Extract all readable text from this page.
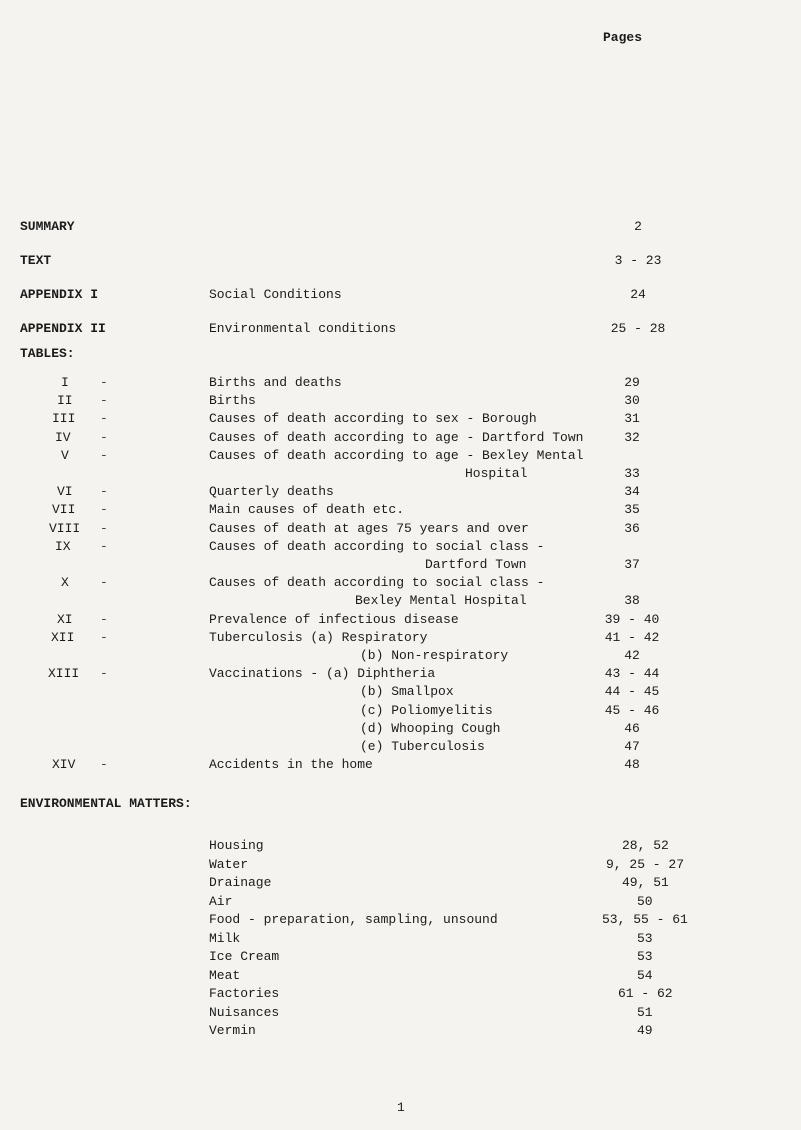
Pages
SUMMARY	2
TEXT	3 - 23
APPENDIX I	Social Conditions	24
APPENDIX II	Environmental conditions	25 - 28
TABLES:
I -	Births and deaths	29
II -	Births	30
III -	Causes of death according to sex - Borough	31
IV -	Causes of death according to age - Dartford Town	32
V -	Causes of death according to age - Bexley Mental
Hospital	33
VI -	Quarterly deaths	34
VII -	Main causes of death etc.	35
VIII -	Causes of death at ages 75 years and over	36
IX -	Causes of death according to social class -
Dartford Town	37
X -	Causes of death according to social class -
Bexley Mental Hospital	38
XI -	Prevalence of infectious disease	39 - 40
XII -	Tuberculosis (a) Respiratory	41 - 42
(b) Non-respiratory	42
XIII -	Vaccinations - (a) Diphtheria	43 - 44
(b) Smallpox	44 - 45
(c) Poliomyelitis	45 - 46
(d) Whooping Cough	46
(e) Tuberculosis	47
XIV -	Accidents in the home	48
ENVIRONMENTAL MATTERS:
Housing	28, 52
Water	9, 25 - 27
Drainage	49, 51
Air	50
Food - preparation, sampling, unsound	53, 55 - 61
Milk	53
Ice Cream	53
Meat	54
Factories	61 - 62
Nuisances	51
Vermin	49
1
